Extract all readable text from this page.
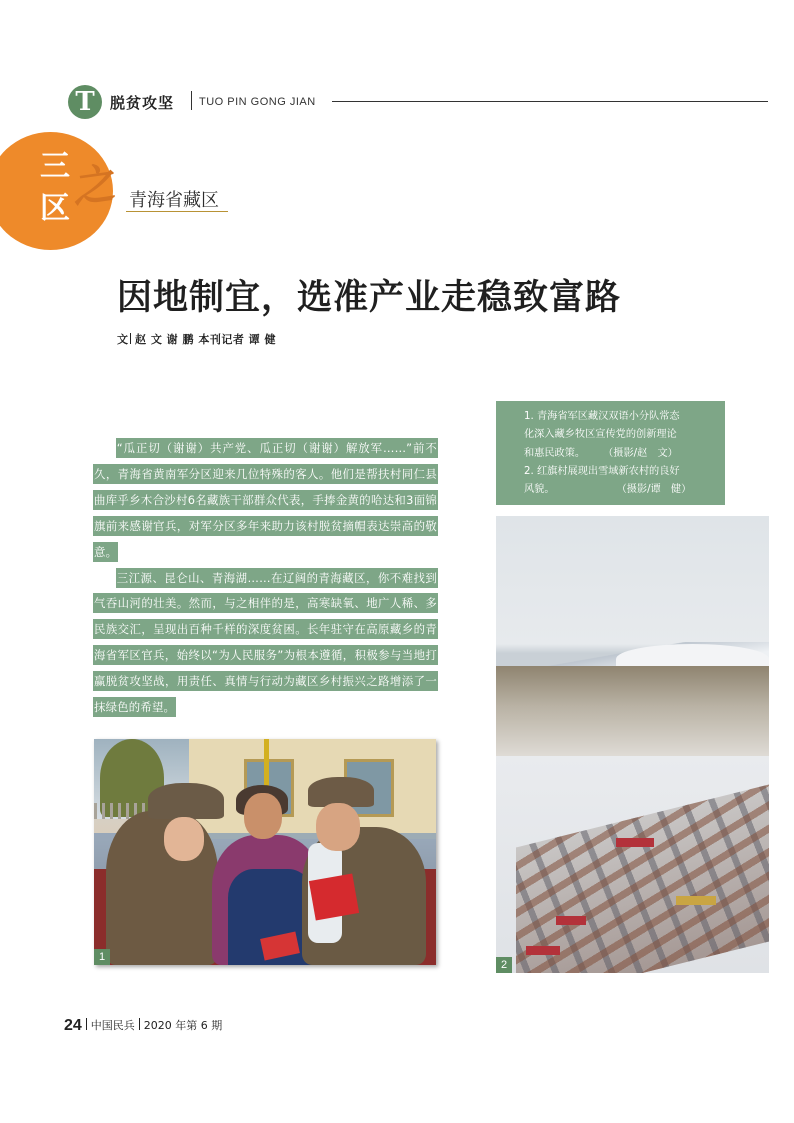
T	脱贫攻坚 TUO PIN GONG JIAN
三
区
之 青海省藏区
因地制宜，选准产业走稳致富路
文 赵 文 谢 鹏 本刊记者 谭 健

“瓜正切（谢谢）共产党、瓜正切（谢谢）解放军……”前不久，青海省黄南军分区迎来几位特殊的客人。他们是帮扶村同仁县曲库乎乡木合沙村6名藏族干部群众代表，手捧金黄的哈达和3面锦旗前来感谢官兵，对军分区多年来助力该村脱贫摘帽表达崇高的敬意。

三江源、昆仑山、青海湖……在辽阔的青海藏区，你不难找到气吞山河的壮美。然而，与之相伴的是，高寒缺氧、地广人稀、多民族交汇，呈现出百种千样的深度贫困。长年驻守在高原藏乡的青海省军区官兵，始终以“为人民服务”为根本遵循，积极参与当地打赢脱贫攻坚战，用责任、真情与行动为藏区乡村振兴之路增添了一抹绿色的希望。

1. 青海省军区藏汉双语小分队常态
化深入藏乡牧区宣传党的创新理论
和惠民政策。 （摄影/赵　文）
2. 红旗村展现出雪域新农村的良好
风貌。	（摄影/谭　健）
1
2
24 中国民兵 2020 年第 6 期
